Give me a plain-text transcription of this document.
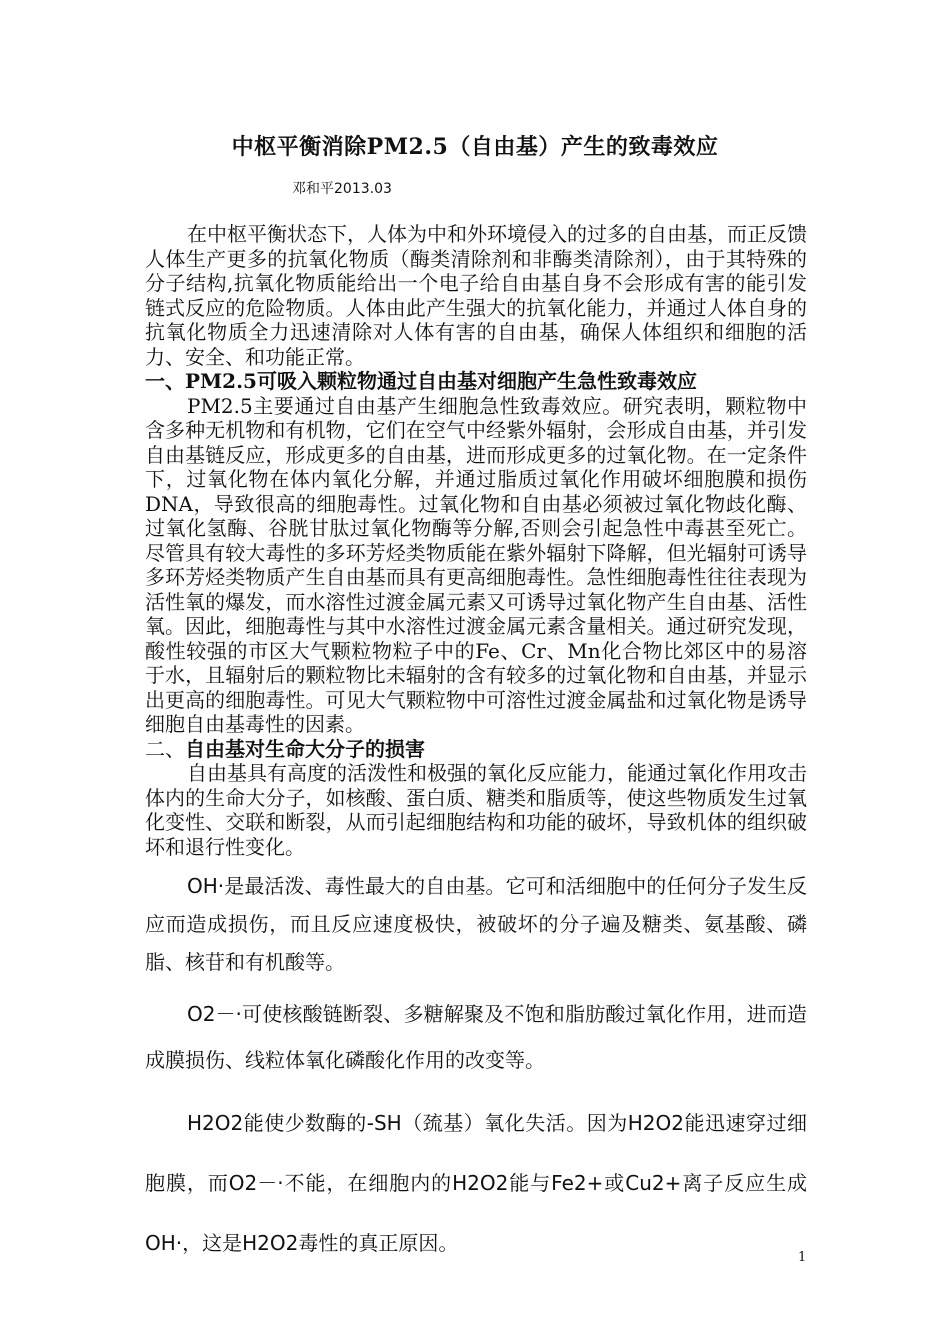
中枢平衡消除PM2.5（自由基）产生的致毒效应
邓和平2013.03

在中枢平衡状态下，人体为中和外环境侵入的过多的自由基，而正反馈人体生产更多的抗氧化物质（酶类清除剂和非酶类清除剂），由于其特殊的分子结构,抗氧化物质能给出一个电子给自由基自身不会形成有害的能引发链式反应的危险物质。人体由此产生强大的抗氧化能力，并通过人体自身的抗氧化物质全力迅速清除对人体有害的自由基，确保人体组织和细胞的活力、安全、和功能正常。

一、PM2.5可吸入颗粒物通过自由基对细胞产生急性致毒效应

PM2.5主要通过自由基产生细胞急性致毒效应。研究表明，颗粒物中含多种无机物和有机物，它们在空气中经紫外辐射，会形成自由基，并引发自由基链反应，形成更多的自由基，进而形成更多的过氧化物。在一定条件下，过氧化物在体内氧化分解，并通过脂质过氧化作用破坏细胞膜和损伤DNA，导致很高的细胞毒性。过氧化物和自由基必须被过氧化物歧化酶、过氧化氢酶、谷胱甘肽过氧化物酶等分解,否则会引起急性中毒甚至死亡。尽管具有较大毒性的多环芳烃类物质能在紫外辐射下降解，但光辐射可诱导多环芳烃类物质产生自由基而具有更高细胞毒性。急性细胞毒性往往表现为活性氧的爆发，而水溶性过渡金属元素又可诱导过氧化物产生自由基、活性氧。因此，细胞毒性与其中水溶性过渡金属元素含量相关。通过研究发现，酸性较强的市区大气颗粒物粒子中的Fe、Cr、Mn化合物比郊区中的易溶于水，且辐射后的颗粒物比未辐射的含有较多的过氧化物和自由基，并显示出更高的细胞毒性。可见大气颗粒物中可溶性过渡金属盐和过氧化物是诱导细胞自由基毒性的因素。

二、自由基对生命大分子的损害

自由基具有高度的活泼性和极强的氧化反应能力，能通过氧化作用攻击体内的生命大分子，如核酸、蛋白质、糖类和脂质等，使这些物质发生过氧化变性、交联和断裂，从而引起细胞结构和功能的破坏，导致机体的组织破坏和退行性变化。

OH·是最活泼、毒性最大的自由基。它可和活细胞中的任何分子发生反应而造成损伤，而且反应速度极快，被破坏的分子遍及糖类、氨基酸、磷脂、核苷和有机酸等。

O2－·可使核酸链断裂、多糖解聚及不饱和脂肪酸过氧化作用，进而造成膜损伤、线粒体氧化磷酸化作用的改变等。

H2O2能使少数酶的-SH（巯基）氧化失活。因为H2O2能迅速穿过细胞膜，而O2－·不能，在细胞内的H2O2能与Fe2+或Cu2+离子反应生成OH·，这是H2O2毒性的真正原因。

1
